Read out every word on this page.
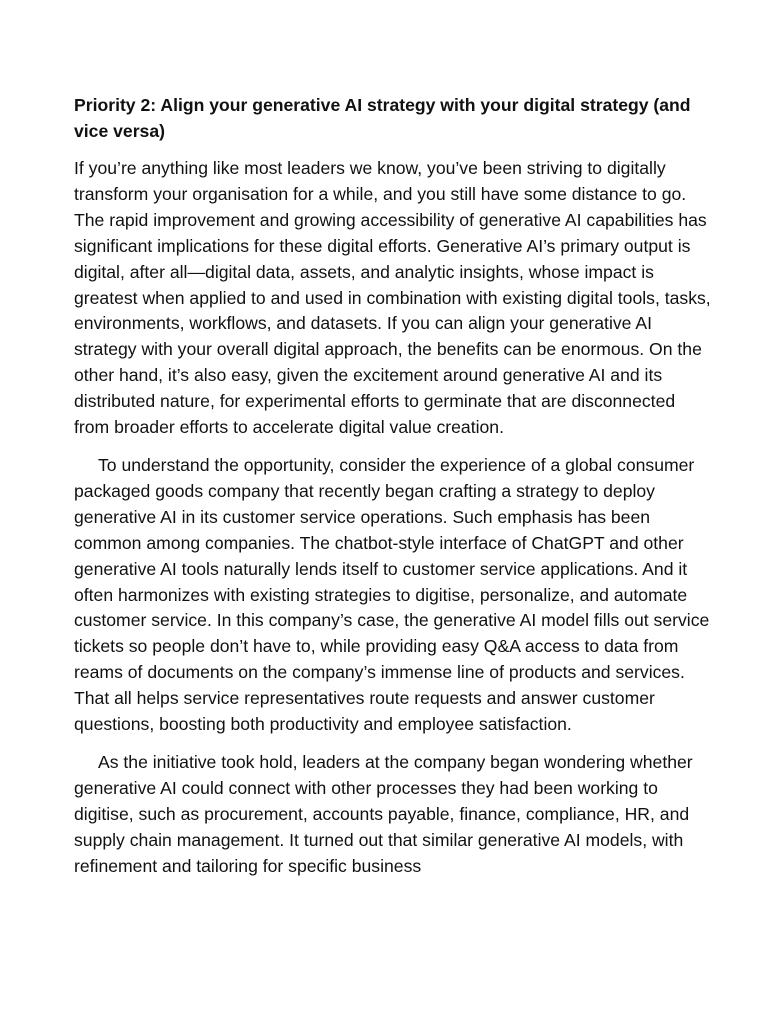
Priority 2: Align your generative AI strategy with your digital strategy (and vice versa)

If you’re anything like most leaders we know, you’ve been striving to digitally transform your organisation for a while, and you still have some distance to go. The rapid improvement and growing accessibility of generative AI capabilities has significant implications for these digital efforts. Generative AI’s primary output is digital, after all—digital data, assets, and analytic insights, whose impact is greatest when applied to and used in combination with existing digital tools, tasks, environments, workflows, and datasets. If you can align your generative AI strategy with your overall digital approach, the benefits can be enormous. On the other hand, it’s also easy, given the excitement around generative AI and its distributed nature, for experimental efforts to germinate that are disconnected from broader efforts to accelerate digital value creation.

To understand the opportunity, consider the experience of a global consumer packaged goods company that recently began crafting a strategy to deploy generative AI in its customer service operations. Such emphasis has been common among companies. The chatbot-style interface of ChatGPT and other generative AI tools naturally lends itself to customer service applications. And it often harmonizes with existing strategies to digitise, personalize, and automate customer service. In this company’s case, the generative AI model fills out service tickets so people don’t have to, while providing easy Q&A access to data from reams of documents on the company’s immense line of products and services. That all helps service representatives route requests and answer customer questions, boosting both productivity and employee satisfaction.

As the initiative took hold, leaders at the company began wondering whether generative AI could connect with other processes they had been working to digitise, such as procurement, accounts payable, finance, compliance, HR, and supply chain management. It turned out that similar generative AI models, with refinement and tailoring for specific business
